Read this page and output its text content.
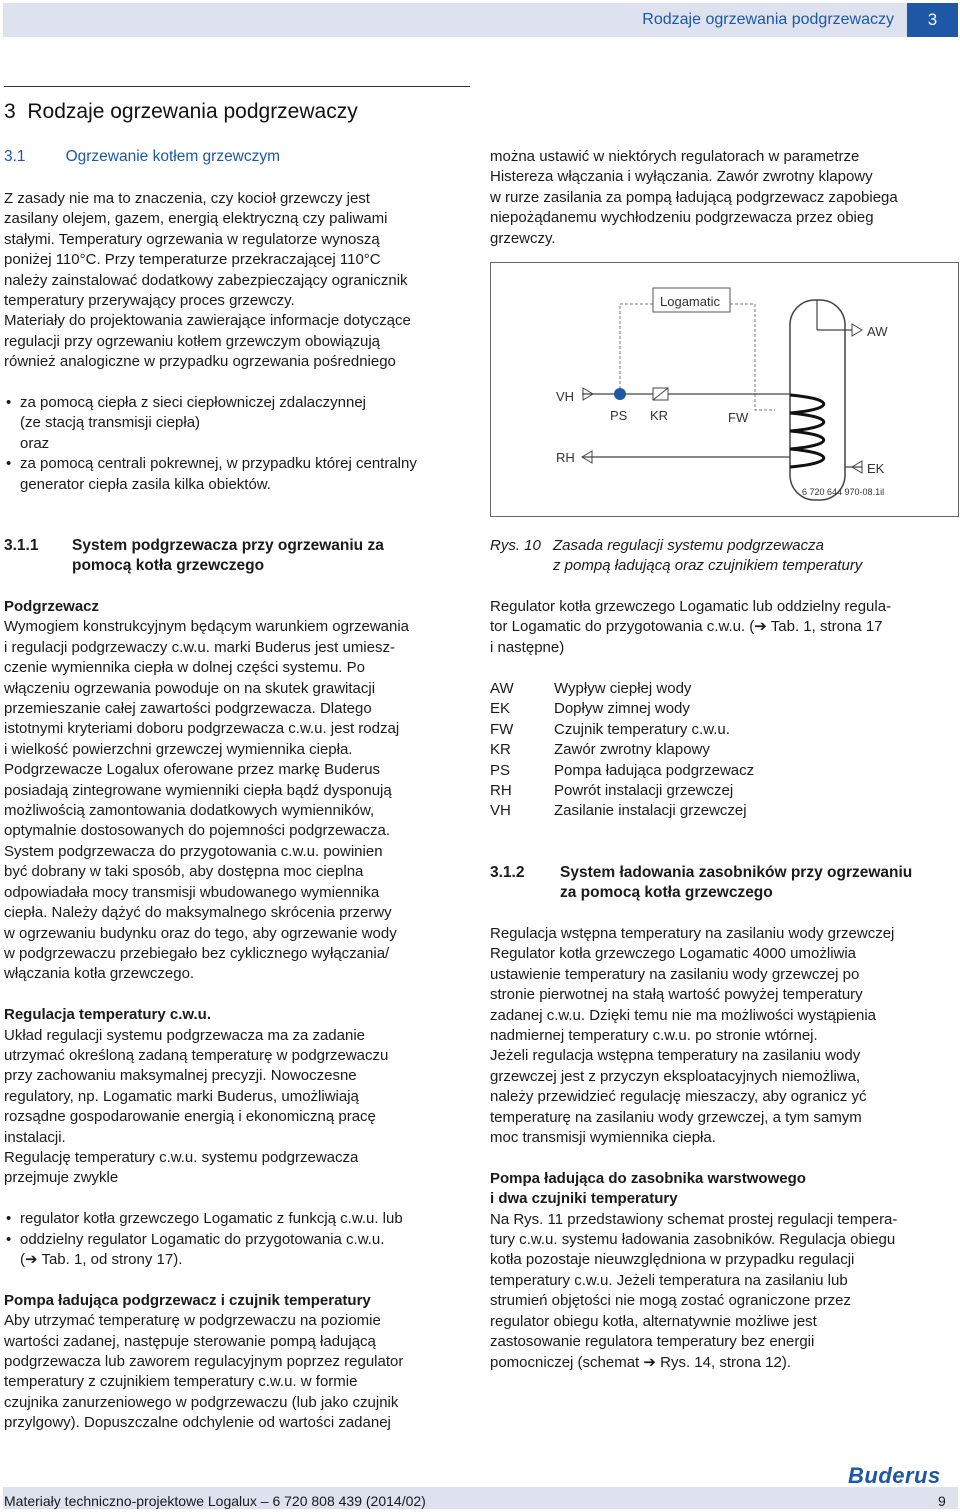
Rodzaje ogrzewania podgrzewaczy	3
3 Rodzaje ogrzewania podgrzewaczy
3.1	Ogrzewanie kotłem grzewczym

Z zasady nie ma to znaczenia, czy kocioł grzewczy jest

zasilany olejem, gazem, energią elektryczną czy paliwami

stałymi. Temperatury ogrzewania w regulatorze wynoszą

poniżej 110°C. Przy temperaturze przekraczającej 110°C

należy zainstalować dodatkowy zabezpieczający ogranicznik

temperatury przerywający proces grzewczy.

Materiały do projektowania zawierające informacje dotyczące

regulacji przy ogrzewaniu kotłem grzewczym obowiązują

również analogiczne w przypadku ogrzewania pośredniego

• za pomocą ciepła z sieci ciepłowniczej zdalaczynnej
(ze stacją transmisji ciepła)

oraz

• za pomocą centrali pokrewnej, w przypadku której centralny
generator ciepła zasila kilka obiektów.

można ustawić w niektórych regulatorach w parametrze

Histereza włączania i wyłączania. Zawór zwrotny klapowy

w rurze zasilania za pompą ładującą podgrzewacz zapobiega

niepożądanemu wychłodzeniu podgrzewacza przez obieg

grzewczy.

Logamatic
VH
PS KR	FW
RH
AW
EK
6 720 644 970-08.1il
3.1.1	System podgrzewacza przy ogrzewaniu za
pomocą kotła grzewczego

Podgrzewacz

Wymogiem konstrukcyjnym będącym warunkiem ogrzewania

i regulacji podgrzewaczy c.w.u. marki Buderus jest umiesz-

czenie wymiennika ciepła w dolnej części systemu. Po

włączeniu ogrzewania powoduje on na skutek grawitacji

przemieszanie całej zawartości podgrzewacza. Dlatego

istotnymi kryteriami doboru podgrzewacza c.w.u. jest rodzaj

i wielkość powierzchni grzewczej wymiennika ciepła.

Podgrzewacze Logalux oferowane przez markę Buderus

posiadają zintegrowane wymienniki ciepła bądź dysponują

możliwością zamontowania dodatkowych wymienników,

optymalnie dostosowanych do pojemności podgrzewacza.

System podgrzewacza do przygotowania c.w.u. powinien

być dobrany w taki sposób, aby dostępna moc cieplna

odpowiadała mocy transmisji wbudowanego wymiennika

ciepła. Należy dążyć do maksymalnego skrócenia przerwy

w ogrzewaniu budynku oraz do tego, aby ogrzewanie wody

w podgrzewaczu przebiegało bez cyklicznego wyłączania/

włączania kotła grzewczego.

Regulacja temperatury c.w.u.

Układ regulacji systemu podgrzewacza ma za zadanie

utrzymać określoną zadaną temperaturę w podgrzewaczu

przy zachowaniu maksymalnej precyzji. Nowoczesne

regulatory, np. Logamatic marki Buderus, umożliwiają

rozsądne gospodarowanie energią i ekonomiczną pracę

instalacji.

Regulację temperatury c.w.u. systemu podgrzewacza

przejmuje zwykle

• regulator kotła grzewczego Logamatic z funkcją c.w.u. lub
• oddzielny regulator Logamatic do przygotowania c.w.u.
(➔ Tab. 1, od strony 17).

Pompa ładująca podgrzewacz i czujnik temperatury

Aby utrzymać temperaturę w podgrzewaczu na poziomie

wartości zadanej, następuje sterowanie pompą ładującą

podgrzewacza lub zaworem regulacyjnym poprzez regulator

temperatury z czujnikiem temperatury c.w.u. w formie

czujnika zanurzeniowego w podgrzewaczu (lub jako czujnik

przylgowy). Dopuszczalne odchylenie od wartości zadanej

Rys. 10 Zasada regulacji systemu podgrzewacza
z pompą ładującą oraz czujnikiem temperatury

Regulator kotła grzewczego Logamatic lub oddzielny regula-

tor Logamatic do przygotowania c.w.u. (➔ Tab. 1, strona 17

i następne)

AW	Wypływ ciepłej wody
EK	Dopływ zimnej wody
FW	Czujnik temperatury c.w.u.
KR	Zawór zwrotny klapowy
PS	Pompa ładująca podgrzewacz
RH	Powrót instalacji grzewczej
VH	Zasilanie instalacji grzewczej
3.1.2	System ładowania zasobników przy ogrzewaniu
za pomocą kotła grzewczego

Regulacja wstępna temperatury na zasilaniu wody grzewczej

Regulator kotła grzewczego Logamatic 4000 umożliwia

ustawienie temperatury na zasilaniu wody grzewczej po

stronie pierwotnej na stałą wartość powyżej temperatury

zadanej c.w.u. Dzięki temu nie ma możliwości wystąpienia

nadmiernej temperatury c.w.u. po stronie wtórnej.

Jeżeli regulacja wstępna temperatury na zasilaniu wody

grzewczej jest z przyczyn eksploatacyjnych niemożliwa,

należy przewidzieć regulację mieszaczy, aby ogranicz yć

temperaturę na zasilaniu wody grzewczej, a tym samym

moc transmisji wymiennika ciepła.

Pompa ładująca do zasobnika warstwowego

i dwa czujniki temperatury

Na Rys. 11 przedstawiony schemat prostej regulacji tempera-

tury c.w.u. systemu ładowania zasobników. Regulacja obiegu

kotła pozostaje nieuwzględniona w przypadku regulacji

temperatury c.w.u. Jeżeli temperatura na zasilaniu lub

strumień objętości nie mogą zostać ograniczone przez

regulator obiegu kotła, alternatywnie możliwe jest

zastosowanie regulatora temperatury bez energii

pomocniczej (schemat ➔ Rys. 14, strona 12).

Buderus
Materiały techniczno-projektowe Logalux – 6 720 808 439 (2014/02)	9
